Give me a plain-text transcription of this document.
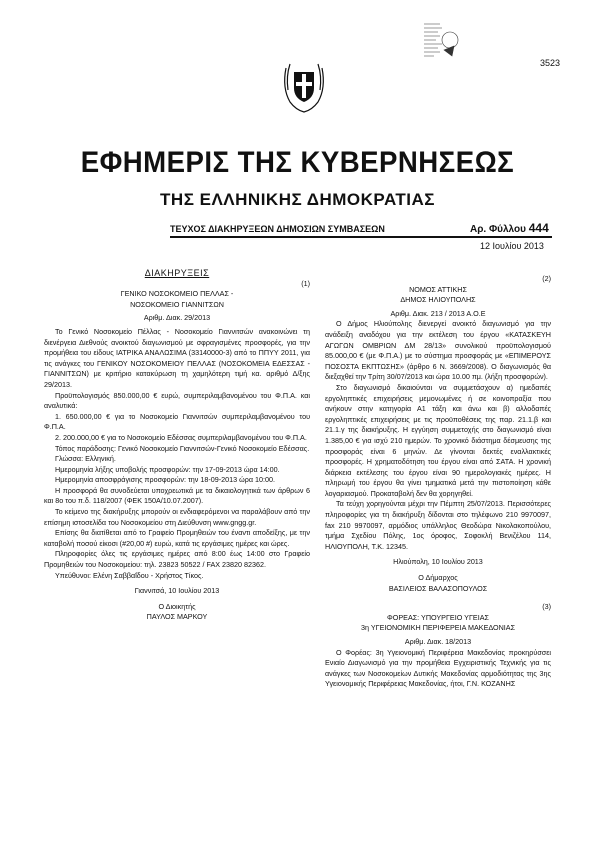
3523
ΕΦΗΜΕΡΙΣ ΤΗΣ ΚΥΒΕΡΝΗΣΕΩΣ
ΤΗΣ ΕΛΛΗΝΙΚΗΣ ΔΗΜΟΚΡΑΤΙΑΣ
ΤΕΥΧΟΣ ΔΙΑΚΗΡΥΞΕΩΝ ΔΗΜΟΣΙΩΝ ΣΥΜΒΑΣΕΩΝ	Αρ. Φύλλου 444
12 Ιουλίου 2013

ΔΙΑΚΗΡΥΞΕΙΣ

(1)

ΓΕΝΙΚΟ ΝΟΣΟΚΟΜΕΙΟ ΠΕΛΛΑΣ -

ΝΟΣΟΚΟΜΕΙΟ ΓΙΑΝΝΙΤΣΩΝ

Αριθμ. Διακ. 29/2013

Το Γενικό Νοσοκομείο Πέλλας - Νοσοκομείο Γιαννιτσών ανακοινώνει τη διενέργεια Διεθνούς ανοικτού διαγωνισμού με σφραγισμένες προσφορές, για την προμήθεια του είδους ΙΑΤΡΙΚΑ ΑΝΑΛΩΣΙΜΑ (33140000-3) από το ΠΠΥΥ 2011, για τις ανάγκες του ΓΕΝΙΚΟΥ ΝΟΣΟΚΟΜΕΙΟΥ ΠΕΛΛΑΣ (ΝΟΣΟΚΟΜΕΙΑ ΕΔΕΣΣΑΣ - ΓΙΑΝΝΙΤΣΩΝ) με κριτήριο κατακύρωση τη χαμηλότερη τιμή κα. αριθμό Δ/ξης 29/2013.

Προϋπολογισμός 850.000,00 € ευρώ, συμπεριλαμβανομένου του Φ.Π.Α. και αναλυτικά:

1. 650.000,00 € για το Νοσοκομείο Γιαννιτσών συμπεριλαμβανομένου του Φ.Π.Α.

2. 200.000,00 € για το Νοσοκομείο Εδέσσας συμπεριλαμβανομένου του Φ.Π.Α.

Τόπος παράδοσης: Γενικό Νοσοκομείο Γιαννιτσών-Γενικό Νοσοκομείο Εδέσσας.

Γλώσσα: Ελληνική.

Ημερομηνία λήξης υποβολής προσφορών: την 17-09-2013 ώρα 14:00.

Ημερομηνία αποσφράγισης προσφορών: την 18-09-2013 ώρα 10:00.

Η προσφορά θα συνοδεύεται υποχρεωτικά με τα δικαιολογητικά των άρθρων 6 και 8ο του π.δ. 118/2007 (ΦΕΚ 150Α/10.07.2007).

Το κείμενο της διακήρυξης μπορούν οι ενδιαφερόμενοι να παραλάβουν από την επίσημη ιστοσελίδα του Νοσοκομείου στη Διεύθυνση www.gngg.gr.

Επίσης θα διατίθεται από το Γραφείο Προμηθειών του έναντι αποδείξης, με την καταβολή ποσού είκοσι (#20,00 #) ευρώ, κατά τις εργάσιμες ημέρες και ώρες.

Πληροφορίες όλες τις εργάσιμες ημέρες από 8:00 έως 14:00 στο Γραφείο Προμηθειών του Νοσοκομείου: τηλ. 23823 50522 / FAX 23820 82362.

Υπεύθυνοι: Ελένη Σαββαΐδου - Χρήστος Τίκος.

Γιαννιτσά, 10 Ιουλίου 2013

Ο Διοικητής

ΠΑΥΛΟΣ ΜΑΡΚΟΥ

(2)

ΝΟΜΟΣ ΑΤΤΙΚΗΣ

ΔΗΜΟΣ ΗΛΙΟΥΠΟΛΗΣ

Αριθμ. Διακ. 213 / 2013 Α.Ο.Ε

Ο Δήμος Ηλιούπολης διενεργεί ανοικτό διαγωνισμό για την ανάδειξη αναδόχου για την εκτέλεση του έργου «ΚΑΤΑΣΚΕΥΗ ΑΓΩΓΩΝ ΟΜΒΡΙΩΝ ΔΜ 28/13» συνολικού προϋπολογισμού 85.000,00 € (με Φ.Π.Α.) με το σύστημα προσφοράς με «ΕΠΙΜΕΡΟΥΣ ΠΟΣΟΣΤΑ ΕΚΠΤΩΣΗΣ» (άρθρο 6 Ν. 3669/2008). Ο διαγωνισμός θα διεξαχθεί την Τρίτη 30/07/2013 και ώρα 10.00 πμ. (λήξη προσφορών).

Στο διαγωνισμό δικαιούνται να συμμετάσχουν α) ημεδαπές εργοληπτικές επιχειρήσεις μεμονωμένες ή σε κοινοπραξία που ανήκουν στην κατηγορία Α1 τάξη και άνω και β) αλλοδαπές εργοληπτικές επιχειρήσεις με τις προϋποθέσεις της παρ. 21.1.β και 21.1.γ της διακήρυξης. Η εγγύηση συμμετοχής στο διαγωνισμό είναι 1.385,00 € για ισχύ 210 ημερών. Το χρονικό διάστημα δέσμευσης της προσφοράς είναι 6 μηνών. Δε γίνονται δεκτές εναλλακτικές προσφορές. Η χρηματοδότηση του έργου είναι από ΣΑΤΑ. Η χρονική διάρκεια εκτέλεσης του έργου είναι 90 ημερολογιακές ημέρες. Η πληρωμή του έργου θα γίνει τμηματικά μετά την πιστοποίηση κάθε λογαριασμού. Προκαταβολή δεν θα χορηγηθεί.

Τα τεύχη χορηγούνται μέχρι την Πέμπτη 25/07/2013. Περισσότερες πληροφορίες για τη διακήρυξη δίδονται στο τηλέφωνο 210 9970097, fax 210 9970097, αρμόδιος υπάλληλος Θεοδώρα Νικολακοπούλου, τμήμα Σχεδίου Πόλης, 1ος όροφος, Σοφοκλή Βενιζέλου 114, ΗΛΙΟΥΠΟΛΗ, Τ.Κ. 12345.

Ηλιούπολη, 10 Ιουλίου 2013

Ο Δήμαρχος

ΒΑΣΙΛΕΙΟΣ ΒΑΛΑΣΟΠΟΥΛΟΣ

(3)

ΦΟΡΕΑΣ: ΥΠΟΥΡΓΕΙΟ ΥΓΕΙΑΣ

3η ΥΓΕΙΟΝΟΜΙΚΗ ΠΕΡΙΦΕΡΕΙΑ ΜΑΚΕΔΟΝΙΑΣ

Αριθμ. Διακ. 18/2013

Ο Φορέας: 3η Υγειονομική Περιφέρεια Μακεδονίας προκηρύσσει Ενιαίο Διαγωνισμό για την προμήθεια Εγχειριστικής Τεχνικής για τις ανάγκες των Νοσοκομείων Δυτικής Μακεδονίας αρμοδιότητας της 3ης Υγειονομικής Περιφέρειας Μακεδονίας, ήτοι, Γ.Ν. ΚΟΖΑΝΗΣ
